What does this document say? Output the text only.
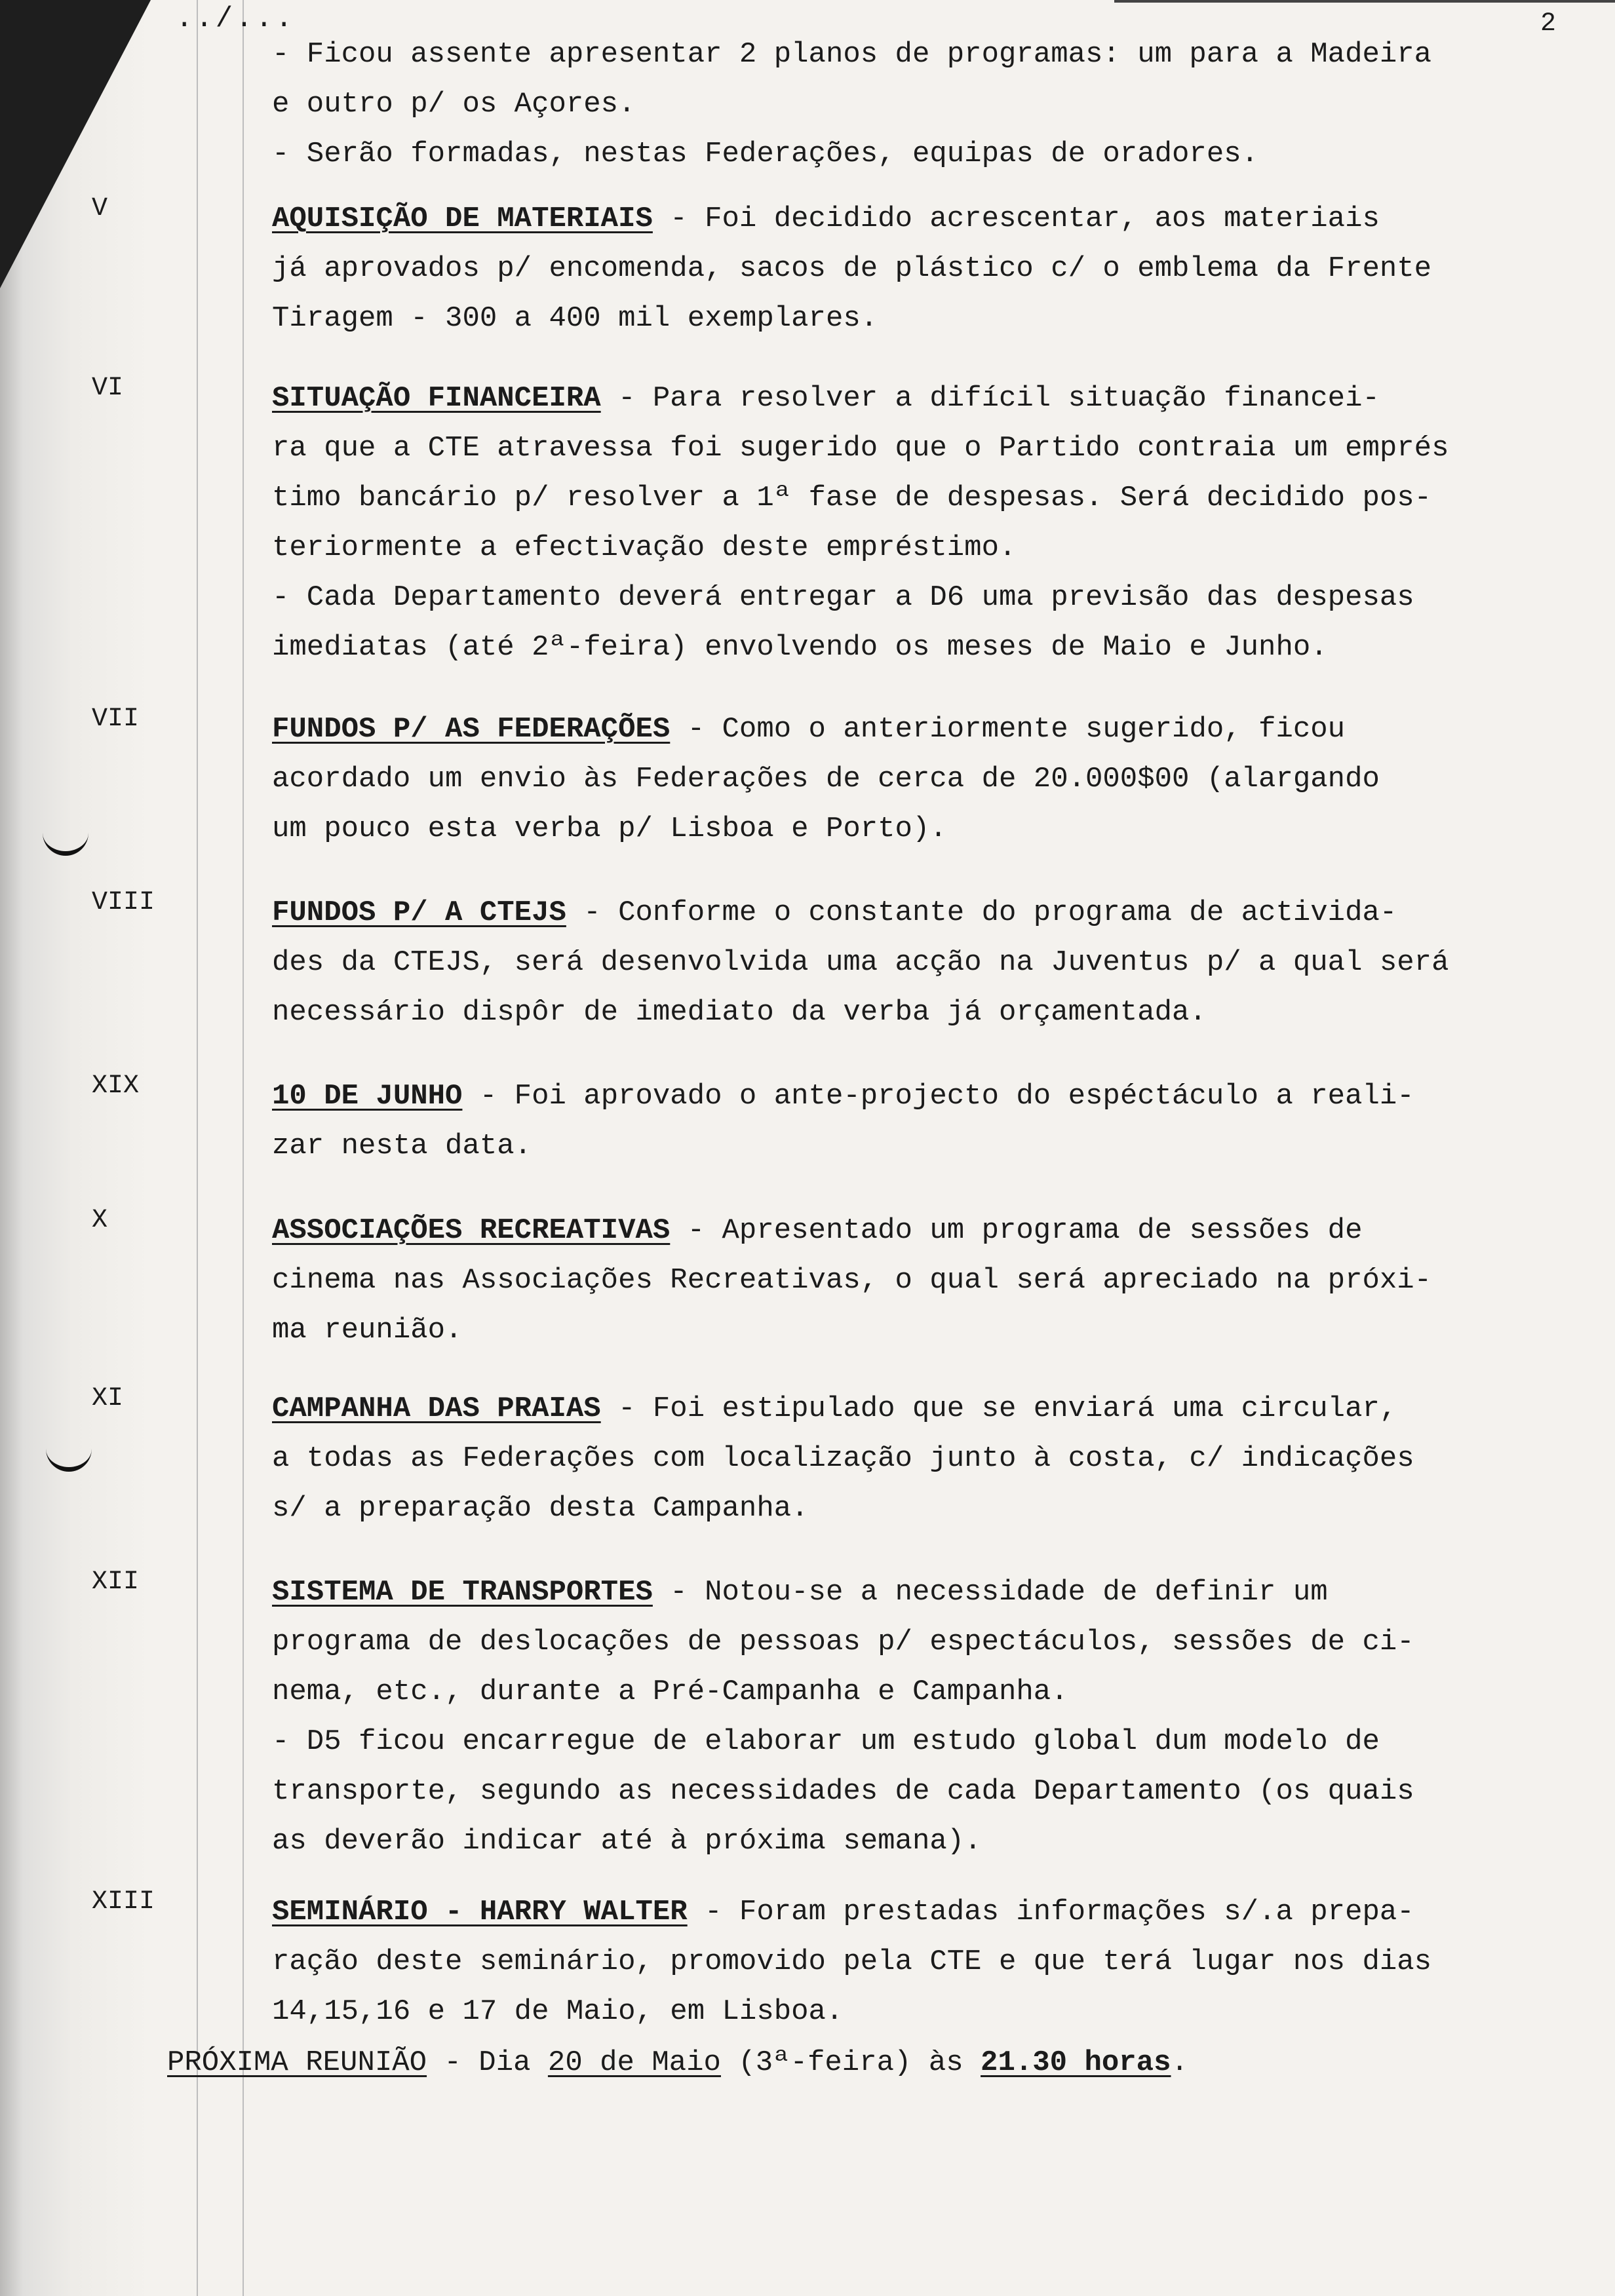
2
../...
- Ficou assente apresentar 2 planos de programas: um para a Madeira
e outro p/ os Açores.
- Serão formadas, nestas Federações, equipas de oradores.
V	AQUISIÇÃO DE MATERIAIS - Foi decidido acrescentar, aos materiais
já aprovados p/ encomenda, sacos de plástico c/ o emblema da Frente
Tiragem - 300 a 400 mil exemplares.
VI	SITUAÇÃO FINANCEIRA - Para resolver a difícil situação financei-
ra que a CTE atravessa foi sugerido que o Partido contraia um emprés
timo bancário p/ resolver a 1ª fase de despesas. Será decidido pos-
teriormente a efectivação deste empréstimo.
- Cada Departamento deverá entregar a D6 uma previsão das despesas
imediatas (até 2ª-feira) envolvendo os meses de Maio e Junho.
VII	FUNDOS P/ AS FEDERAÇÕES - Como o anteriormente sugerido, ficou
acordado um envio às Federações de cerca de 20.000$00 (alargando
um pouco esta verba p/ Lisboa e Porto).
VIII	FUNDOS P/ A CTEJS - Conforme o constante do programa de activida-
des da CTEJS, será desenvolvida uma acção na Juventus p/ a qual será
necessário dispôr de imediato da verba já orçamentada.
XIX	10 DE JUNHO - Foi aprovado o ante-projecto do espéctáculo a reali-
zar nesta data.
X	ASSOCIAÇÕES RECREATIVAS - Apresentado um programa de sessões de
cinema nas Associações Recreativas, o qual será apreciado na próxi-
ma reunião.
XI	CAMPANHA DAS PRAIAS - Foi estipulado que se enviará uma circular,
a todas as Federações com localização junto à costa, c/ indicações
s/ a preparação desta Campanha.
XII	SISTEMA DE TRANSPORTES - Notou-se a necessidade de definir um
programa de deslocações de pessoas p/ espectáculos, sessões de ci-
nema, etc., durante a Pré-Campanha e Campanha.
- D5 ficou encarregue de elaborar um estudo global dum modelo de
transporte, segundo as necessidades de cada Departamento (os quais
as deverão indicar até à próxima semana).
XIII	SEMINÁRIO - HARRY WALTER - Foram prestadas informações s/.a prepa-
ração deste seminário, promovido pela CTE e que terá lugar nos dias
14,15,16 e 17 de Maio, em Lisboa.
PRÓXIMA REUNIÃO - Dia 20 de Maio (3ª-feira) às 21.30 horas.
